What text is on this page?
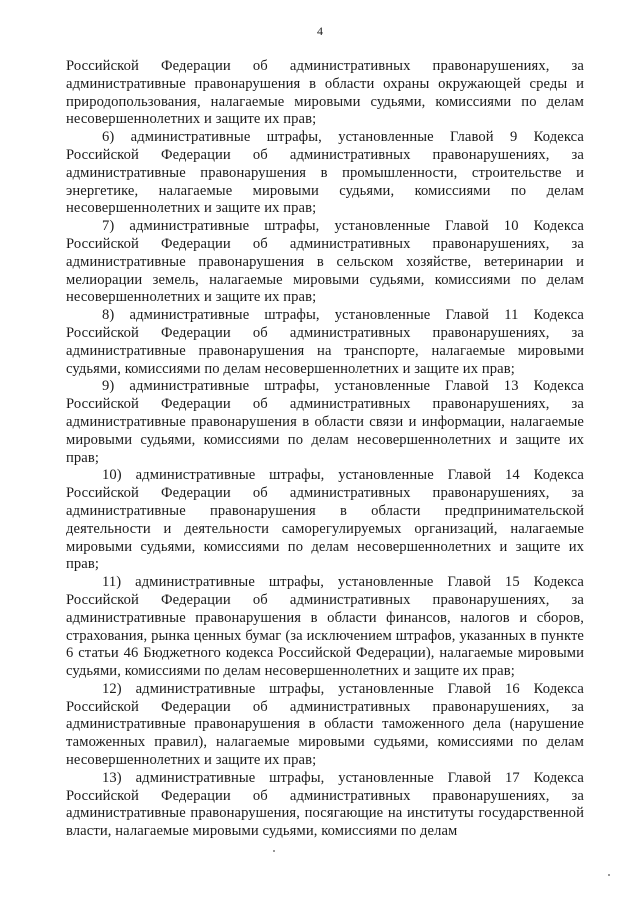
4

Российской Федерации об административных правонарушениях, за административные правонарушения в области охраны окружающей среды и природопользования, налагаемые мировыми судьями, комиссиями по делам несовершеннолетних и защите их прав;

6) административные штрафы, установленные Главой 9 Кодекса Российской Федерации об административных правонарушениях, за административные правонарушения в промышленности, строительстве и энергетике, налагаемые мировыми судьями, комиссиями по делам несовершеннолетних и защите их прав;

7) административные штрафы, установленные Главой 10 Кодекса Российской Федерации об административных правонарушениях, за административные правонарушения в сельском хозяйстве, ветеринарии и мелиорации земель, налагаемые мировыми судьями, комиссиями по делам несовершеннолетних и защите их прав;

8) административные штрафы, установленные Главой 11 Кодекса Российской Федерации об административных правонарушениях, за административные правонарушения на транспорте, налагаемые мировыми судьями, комиссиями по делам несовершеннолетних и защите их прав;

9) административные штрафы, установленные Главой 13 Кодекса Российской Федерации об административных правонарушениях, за административные правонарушения в области связи и информации, налагаемые мировыми судьями, комиссиями по делам несовершеннолетних и защите их прав;

10) административные штрафы, установленные Главой 14 Кодекса Российской Федерации об административных правонарушениях, за административные правонарушения в области предпринимательской деятельности и деятельности саморегулируемых организаций, налагаемые мировыми судьями, комиссиями по делам несовершеннолетних и защите их прав;

11) административные штрафы, установленные Главой 15 Кодекса Российской Федерации об административных правонарушениях, за административные правонарушения в области финансов, налогов и сборов, страхования, рынка ценных бумаг (за исключением штрафов, указанных в пункте 6 статьи 46 Бюджетного кодекса Российской Федерации), налагаемые мировыми судьями, комиссиями по делам несовершеннолетних и защите их прав;

12) административные штрафы, установленные Главой 16 Кодекса Российской Федерации об административных правонарушениях, за административные правонарушения в области таможенного дела (нарушение таможенных правил), налагаемые мировыми судьями, комиссиями по делам несовершеннолетних и защите их прав;

13) административные штрафы, установленные Главой 17 Кодекса Российской Федерации об административных правонарушениях, за административные правонарушения, посягающие на институты государственной власти, налагаемые мировыми судьями, комиссиями по делам
